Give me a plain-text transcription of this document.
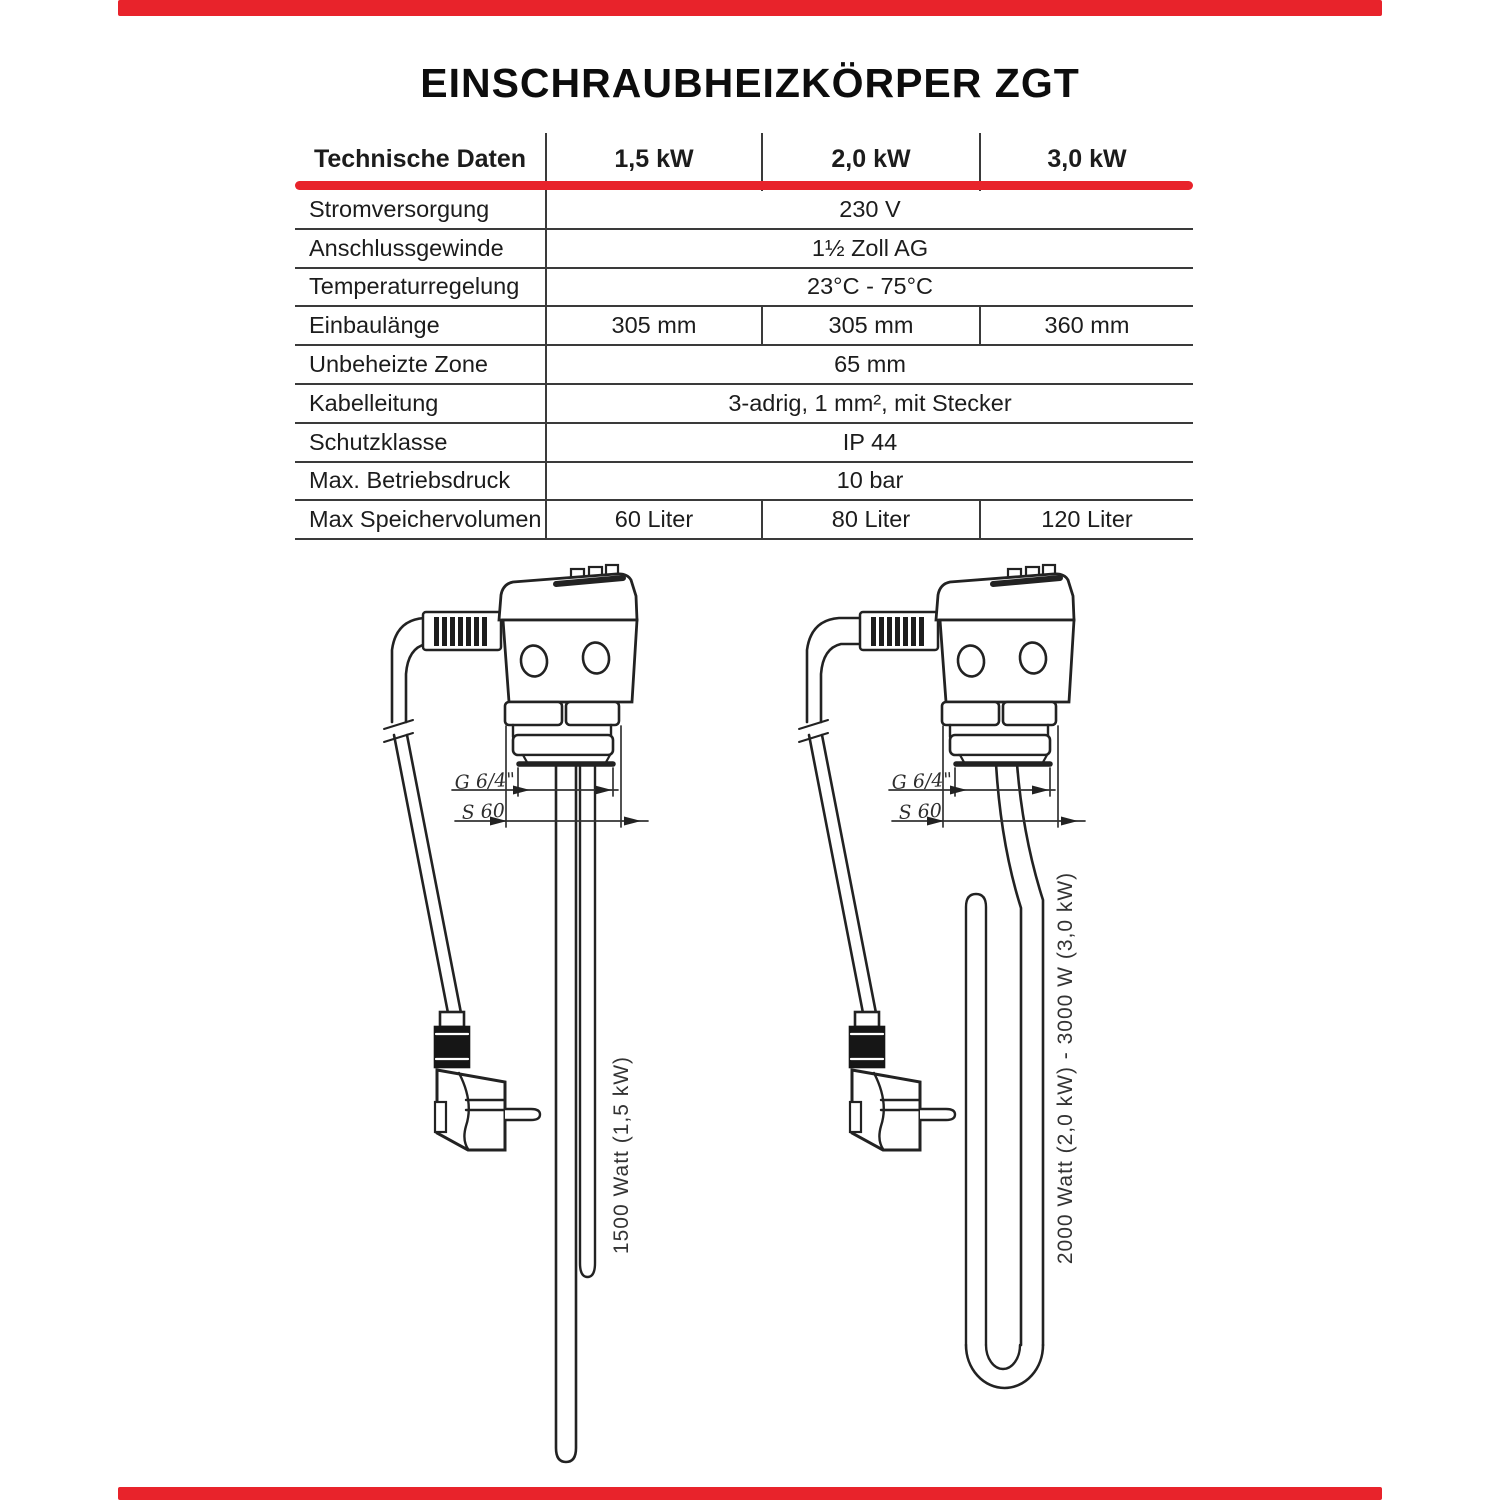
EINSCHRAUBHEIZKÖRPER ZGT
Technische Daten	1,5 kW	2,0 kW	3,0 kW
Stromversorgung	230 V
Anschlussgewinde	1½ Zoll AG
Temperaturregelung	23°C - 75°C
Einbaulänge	305 mm	305 mm	360 mm
Unbeheizte Zone	65 mm
Kabelleitung	3-adrig, 1 mm², mit Stecker
Schutzklasse	IP 44
Max. Betriebsdruck	10 bar
Max Speichervolumen	60 Liter	80 Liter	120 Liter
G 6/4"
S 60
1500 Watt (1,5 kW)
G 6/4"
S 60
2000 Watt (2,0 kW) - 3000 W (3,0 kW)
